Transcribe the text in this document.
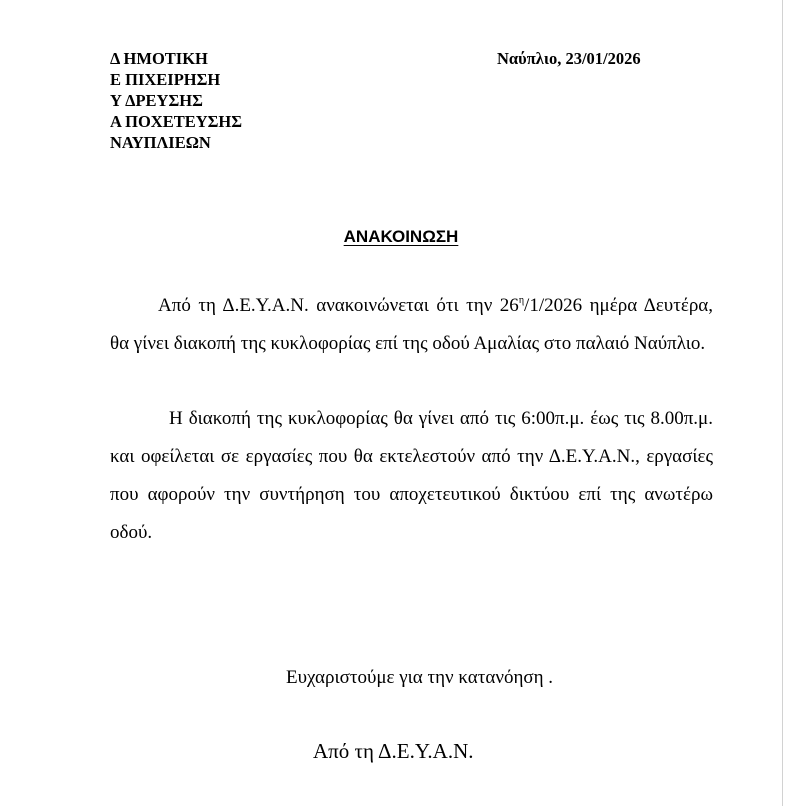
Δ ΗΜΟΤΙΚΗ
Ε ΠΙΧΕΙΡΗΣΗ
Υ ΔΡΕΥΣΗΣ
Α ΠΟΧΕΤΕΥΣΗΣ
ΝΑΥΠΛΙΕΩΝ
Ναύπλιο, 23/01/2026
ΑΝΑΚΟΙΝΩΣΗ
Από τη Δ.Ε.Υ.Α.Ν. ανακοινώνεται ότι την $26^\eta/1/2026$ ημέρα Δευτέρα, θα γίνει διακοπή της κυκλοφορίας επί της οδού Αμαλίας στο παλαιό Ναύπλιο.
Η διακοπή της κυκλοφορίας θα γίνει από τις 6:00π.μ. έως τις 8.00π.μ. και οφείλεται σε εργασίες που θα εκτελεστούν από την Δ.Ε.Υ.Α.Ν., εργασίες που αφορούν την συντήρηση του αποχετευτικού δικτύου επί της ανωτέρω οδού.
Ευχαριστούμε για την κατανόηση .
Από τη Δ.Ε.Υ.Α.Ν.
